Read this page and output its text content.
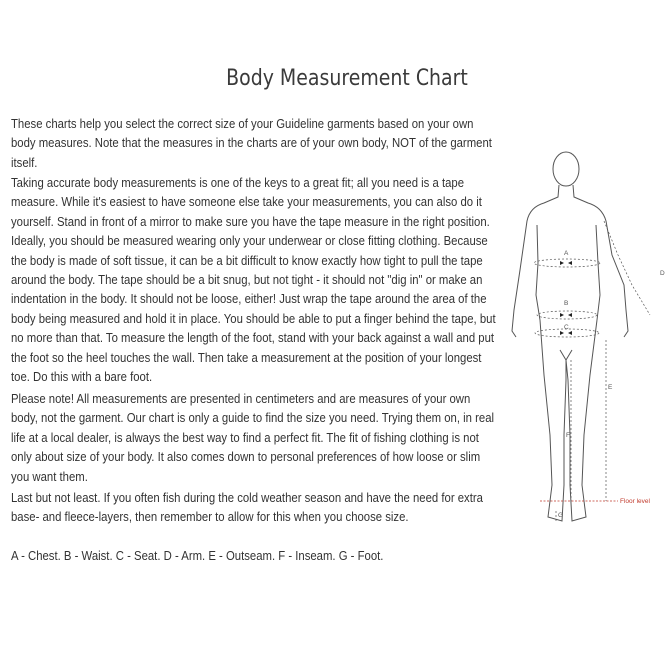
Body Measurement Chart

These charts help you select the correct size of your Guideline garments based on your own body measures. Note that the measures in the charts are of your own body, NOT of the garment itself.

Taking accurate body measurements is one of the keys to a great fit; all you need is a tape measure. While it's easiest to have someone else take your measurements, you can also do it yourself. Stand in front of a mirror to make sure you have the tape measure in the right position. Ideally, you should be measured wearing only your underwear or close fitting clothing. Because the body is made of soft tissue, it can be a bit difficult to know exactly how tight to pull the tape around the body. The tape should be a bit snug, but not tight - it should not "dig in" or make an indentation in the body. It should not be loose, either! Just wrap the tape around the area of the body being measured and hold it in place. You should be able to put a finger behind the tape, but no more than that. To measure the length of the foot, stand with your back against a wall and put the foot so the heel touches the wall. Then take a measurement at the position of your longest toe. Do this with a bare foot.

Please note! All measurements are presented in centimeters and are measures of your own body, not the garment. Our chart is only a guide to find the size you need. Trying them on, in real life at a local dealer, is always the best way to find a perfect fit. The fit of fishing clothing is not only about size of your body. It also comes down to personal preferences of how loose or slim you want them.

Last but not least. If you often fish during the cold weather season and have the need for extra base- and fleece-layers, then remember to allow for this when you choose size.

A - Chest. B - Waist. C - Seat. D - Arm. E - Outseam. F - Inseam. G - Foot.

A
B
C
D
E
F
G
Floor level
